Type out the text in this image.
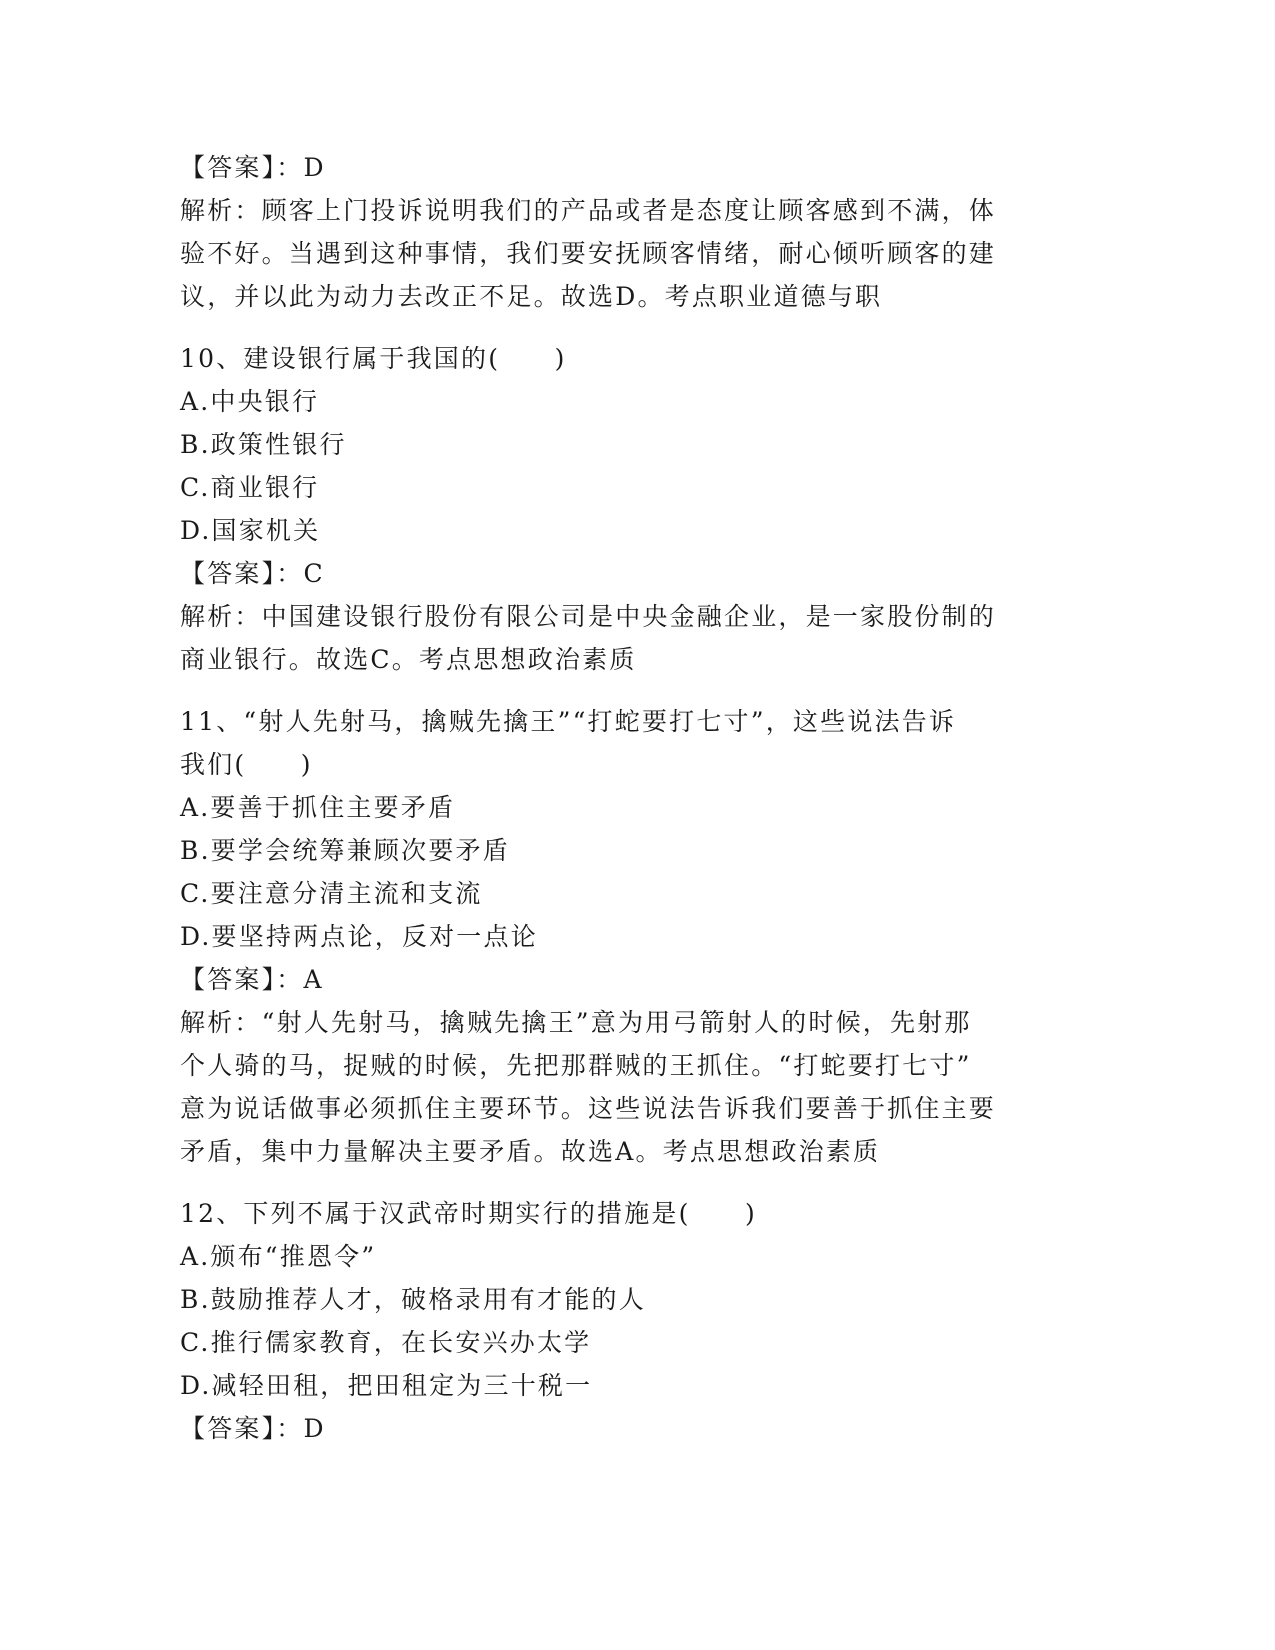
【答案】：D
解析：顾客上门投诉说明我们的产品或者是态度让顾客感到不满，体
验不好。当遇到这种事情，我们要安抚顾客情绪，耐心倾听顾客的建
议，并以此为动力去改正不足。故选D。考点职业道德与职
10、建设银行属于我国的(　　)
A.中央银行
B.政策性银行
C.商业银行
D.国家机关
【答案】：C
解析：中国建设银行股份有限公司是中央金融企业，是一家股份制的
商业银行。故选C。考点思想政治素质
11、“射人先射马，擒贼先擒王”“打蛇要打七寸”，这些说法告诉
我们(　　)
A.要善于抓住主要矛盾
B.要学会统筹兼顾次要矛盾
C.要注意分清主流和支流
D.要坚持两点论，反对一点论
【答案】：A
解析：“射人先射马，擒贼先擒王”意为用弓箭射人的时候，先射那
个人骑的马，捉贼的时候，先把那群贼的王抓住。“打蛇要打七寸”
意为说话做事必须抓住主要环节。这些说法告诉我们要善于抓住主要
矛盾，集中力量解决主要矛盾。故选A。考点思想政治素质
12、下列不属于汉武帝时期实行的措施是(　　)
A.颁布“推恩令”
B.鼓励推荐人才，破格录用有才能的人
C.推行儒家教育，在长安兴办太学
D.减轻田租，把田租定为三十税一
【答案】：D
